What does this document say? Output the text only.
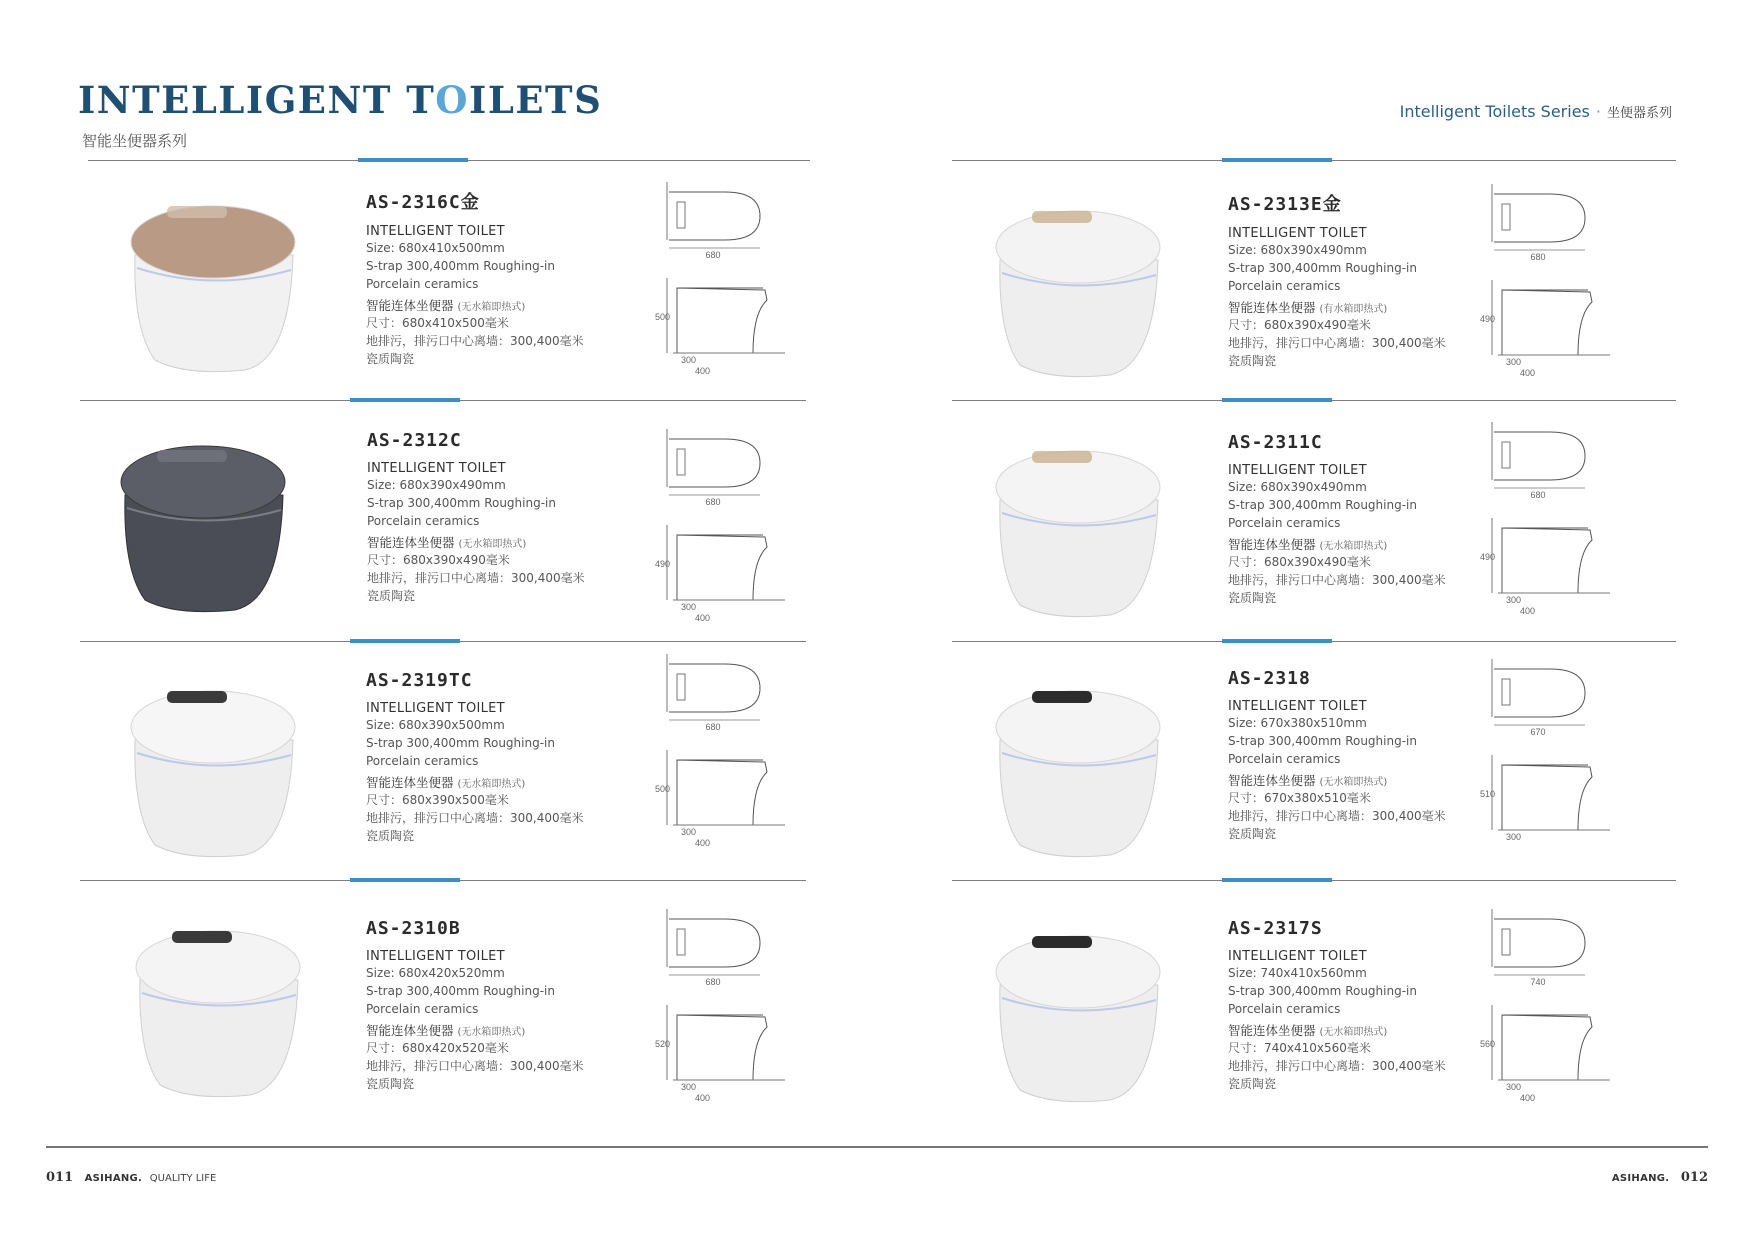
INTELLIGENT TOILETS
智能坐便器系列
Intelligent Toilets Series · 坐便器系列
680
500
300
400
AS-2316C金
INTELLIGENT TOILET
Size: 680x410x500mm
S-trap 300,400mm Roughing-in
Porcelain ceramics
智能连体坐便器 (无水箱即热式)
尺寸：680x410x500毫米
地排污，排污口中心离墙：300,400毫米
瓷质陶瓷
680
490
300
400
AS-2313E金
INTELLIGENT TOILET
Size: 680x390x490mm
S-trap 300,400mm Roughing-in
Porcelain ceramics
智能连体坐便器 (有水箱即热式)
尺寸：680x390x490毫米
地排污，排污口中心离墙：300,400毫米
瓷质陶瓷
680
490
300
400
AS-2312C
INTELLIGENT TOILET
Size: 680x390x490mm
S-trap 300,400mm Roughing-in
Porcelain ceramics
智能连体坐便器 (无水箱即热式)
尺寸：680x390x490毫米
地排污，排污口中心离墙：300,400毫米
瓷质陶瓷
680
490
300
400
AS-2311C
INTELLIGENT TOILET
Size: 680x390x490mm
S-trap 300,400mm Roughing-in
Porcelain ceramics
智能连体坐便器 (无水箱即热式)
尺寸：680x390x490毫米
地排污，排污口中心离墙：300,400毫米
瓷质陶瓷
680
500
300
400
AS-2319TC
INTELLIGENT TOILET
Size: 680x390x500mm
S-trap 300,400mm Roughing-in
Porcelain ceramics
智能连体坐便器 (无水箱即热式)
尺寸：680x390x500毫米
地排污，排污口中心离墙：300,400毫米
瓷质陶瓷
670
510
300
AS-2318
INTELLIGENT TOILET
Size: 670x380x510mm
S-trap 300,400mm Roughing-in
Porcelain ceramics
智能连体坐便器 (无水箱即热式)
尺寸：670x380x510毫米
地排污，排污口中心离墙：300,400毫米
瓷质陶瓷
680
520
300
400
AS-2310B
INTELLIGENT TOILET
Size: 680x420x520mm
S-trap 300,400mm Roughing-in
Porcelain ceramics
智能连体坐便器 (无水箱即热式)
尺寸：680x420x520毫米
地排污，排污口中心离墙：300,400毫米
瓷质陶瓷
740
560
300
400
AS-2317S
INTELLIGENT TOILET
Size: 740x410x560mm
S-trap 300,400mm Roughing-in
Porcelain ceramics
智能连体坐便器 (无水箱即热式)
尺寸：740x410x560毫米
地排污，排污口中心离墙：300,400毫米
瓷质陶瓷
011 ASIHANG. QUALITY LIFE	ASIHANG. 012
